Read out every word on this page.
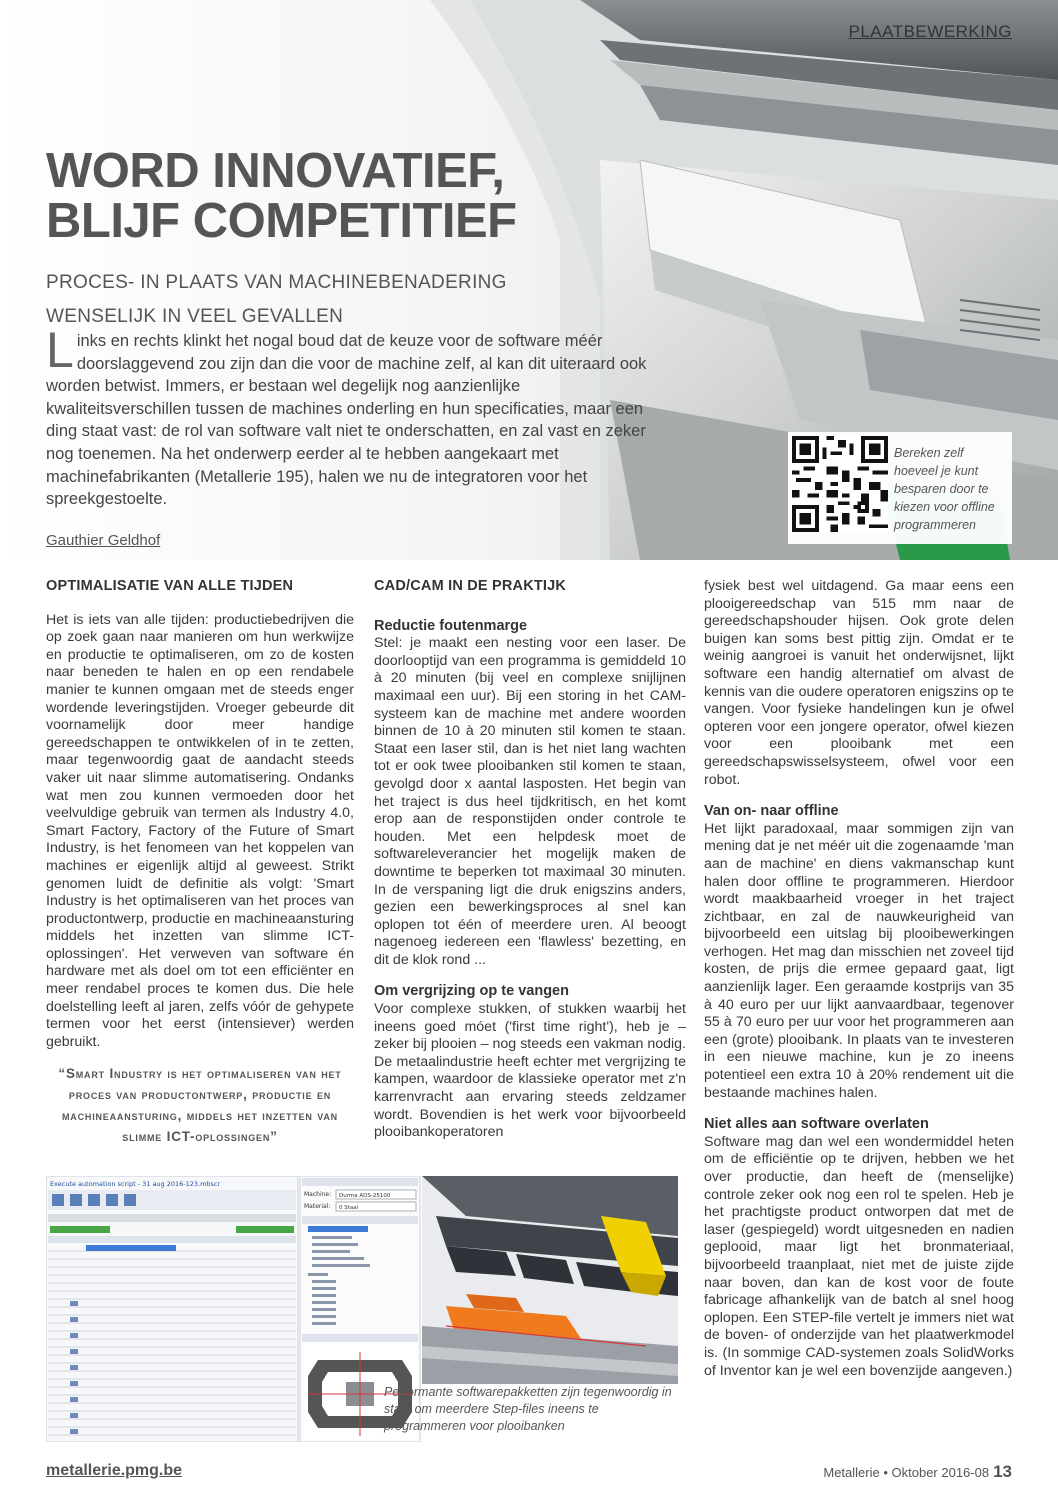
PLAATBEWERKING
WORD INNOVATIEF,
BLIJF COMPETITIEF
PROCES- IN PLAATS VAN MACHINEBENADERING
WENSELIJK IN VEEL GEVALLEN
Links en rechts klinkt het nogal boud dat de keuze voor de software méér doorslaggevend zou zijn dan die voor de machine zelf, al kan dit uiteraard ook worden betwist. Immers, er bestaan wel degelijk nog aanzienlijke kwaliteitsverschillen tussen de machines onderling en hun specificaties, maar een ding staat vast: de rol van software valt niet te onderschatten, en zal vast en zeker nog toenemen. Na het onderwerp eerder al te hebben aangekaart met machinefabrikanten (Metallerie 195), halen we nu de integratoren voor het spreekgestoelte.
Gauthier Geldhof
Bereken zelf hoeveel je kunt besparen door te kiezen voor offline programmeren
OPTIMALISATIE VAN ALLE TIJDEN

Het is iets van alle tijden: productiebedrijven die op zoek gaan naar manieren om hun werkwijze en productie te optimaliseren, om zo de kosten naar beneden te halen en op een rendabele manier te kunnen omgaan met de steeds enger wordende leveringstijden. Vroeger gebeurde dit voornamelijk door meer handige gereedschappen te ontwikkelen of in te zetten, maar tegenwoordig gaat de aandacht steeds vaker uit naar slimme automatisering. Ondanks wat men zou kunnen vermoeden door het veelvuldige gebruik van termen als Industry 4.0, Smart Factory, Factory of the Future of Smart Industry, is het fenomeen van het koppelen van machines er eigenlijk altijd al geweest. Strikt genomen luidt de definitie als volgt: 'Smart Industry is het optimaliseren van het proces van productontwerp, productie en machineaansturing middels het inzetten van slimme ICT-oplossingen'. Het verweven van software én hardware met als doel om tot een efficiënter en meer rendabel proces te komen dus. Die hele doelstelling leeft al jaren, zelfs vóór de gehypete termen voor het eerst (intensiever) werden gebruikt.

“Smart Industry is het optimaliseren van het proces van productontwerp, productie en machineaansturing, middels het inzetten van slimme ICT-oplossingen”
CAD/CAM IN DE PRAKTIJK
Reductie foutenmarge

Stel: je maakt een nesting voor een laser. De doorlooptijd van een programma is gemiddeld 10 à 20 minuten (bij veel en complexe snijlijnen maximaal een uur). Bij een storing in het CAM-systeem kan de machine met andere woorden binnen de 10 à 20 minuten stil komen te staan. Staat een laser stil, dan is het niet lang wachten tot er ook twee plooibanken stil komen te staan, gevolgd door x aantal lasposten. Het begin van het traject is dus heel tijdkritisch, en het komt erop aan de responstijden onder controle te houden. Met een helpdesk moet de softwareleverancier het mogelijk maken de downtime te beperken tot maximaal 30 minuten. In de verspaning ligt die druk enigszins anders, gezien een bewerkingsproces al snel kan oplopen tot één of meerdere uren. Al beoogt nagenoeg iedereen een 'flawless' bezetting, en dit de klok rond ...

Om vergrijzing op te vangen

Voor complexe stukken, of stukken waarbij het ineens goed móet ('first time right'), heb je – zeker bij plooien – nog steeds een vakman nodig. De metaalindustrie heeft echter met vergrijzing te kampen, waardoor de klassieke operator met z'n karrenvracht aan ervaring steeds zeldzamer wordt. Bovendien is het werk voor bijvoorbeeld plooibankoperatoren

fysiek best wel uitdagend. Ga maar eens een plooigereedschap van 515 mm naar de gereedschapshouder hijsen. Ook grote delen buigen kan soms best pittig zijn. Omdat er te weinig aangroei is vanuit het onderwijsnet, lijkt software een handig alternatief om alvast de kennis van die oudere operatoren enigszins op te vangen. Voor fysieke handelingen kun je ofwel opteren voor een jongere operator, ofwel kiezen voor een plooibank met een gereedschapswisselsysteem, ofwel voor een robot.

Van on- naar offline

Het lijkt paradoxaal, maar sommigen zijn van mening dat je net méér uit die zogenaamde 'man aan de machine' en diens vakmanschap kunt halen door offline te programmeren. Hierdoor wordt maakbaarheid vroeger in het traject zichtbaar, en zal de nauwkeurigheid van bijvoorbeeld een uitslag bij plooibewerkingen verhogen. Het mag dan misschien net zoveel tijd kosten, de prijs die ermee gepaard gaat, ligt aanzienlijk lager. Een geraamde kostprijs van 35 à 40 euro per uur lijkt aanvaardbaar, tegenover 55 à 70 euro per uur voor het programmeren aan een (grote) plooibank. In plaats van te investeren in een nieuwe machine, kun je zo ineens potentieel een extra 10 à 20% rendement uit die bestaande machines halen.

Niet alles aan software overlaten

Software mag dan wel een wondermiddel heten om de efficiëntie op te drijven, hebben we het over productie, dan heeft de (menselijke) controle zeker ook nog een rol te spelen. Heb je het prachtigste product ontworpen dat met de laser (gespiegeld) wordt uitgesneden en nadien geplooid, maar ligt het bronmateriaal, bijvoorbeeld traanplaat, niet met de juiste zijde naar boven, dan kan de kost voor de foute fabricage afhankelijk van de batch al snel hoog oplopen. Een STEP-file vertelt je immers niet wat de boven- of onderzijde van het plaatwerkmodel is. (In sommige CAD-systemen zoals SolidWorks of Inventor kan je wel een bovenzijde aangeven.)

Execute automation script - 31 aug 2016-123.mbscr
Machine: Durma ADS-25100
Material: 0 Staal
Performante softwarepakketten zijn tegenwoordig in staat om meerdere Step-files ineens te programmeren voor plooibanken
metallerie.pmg.be	Metallerie • Oktober 2016-08 13
